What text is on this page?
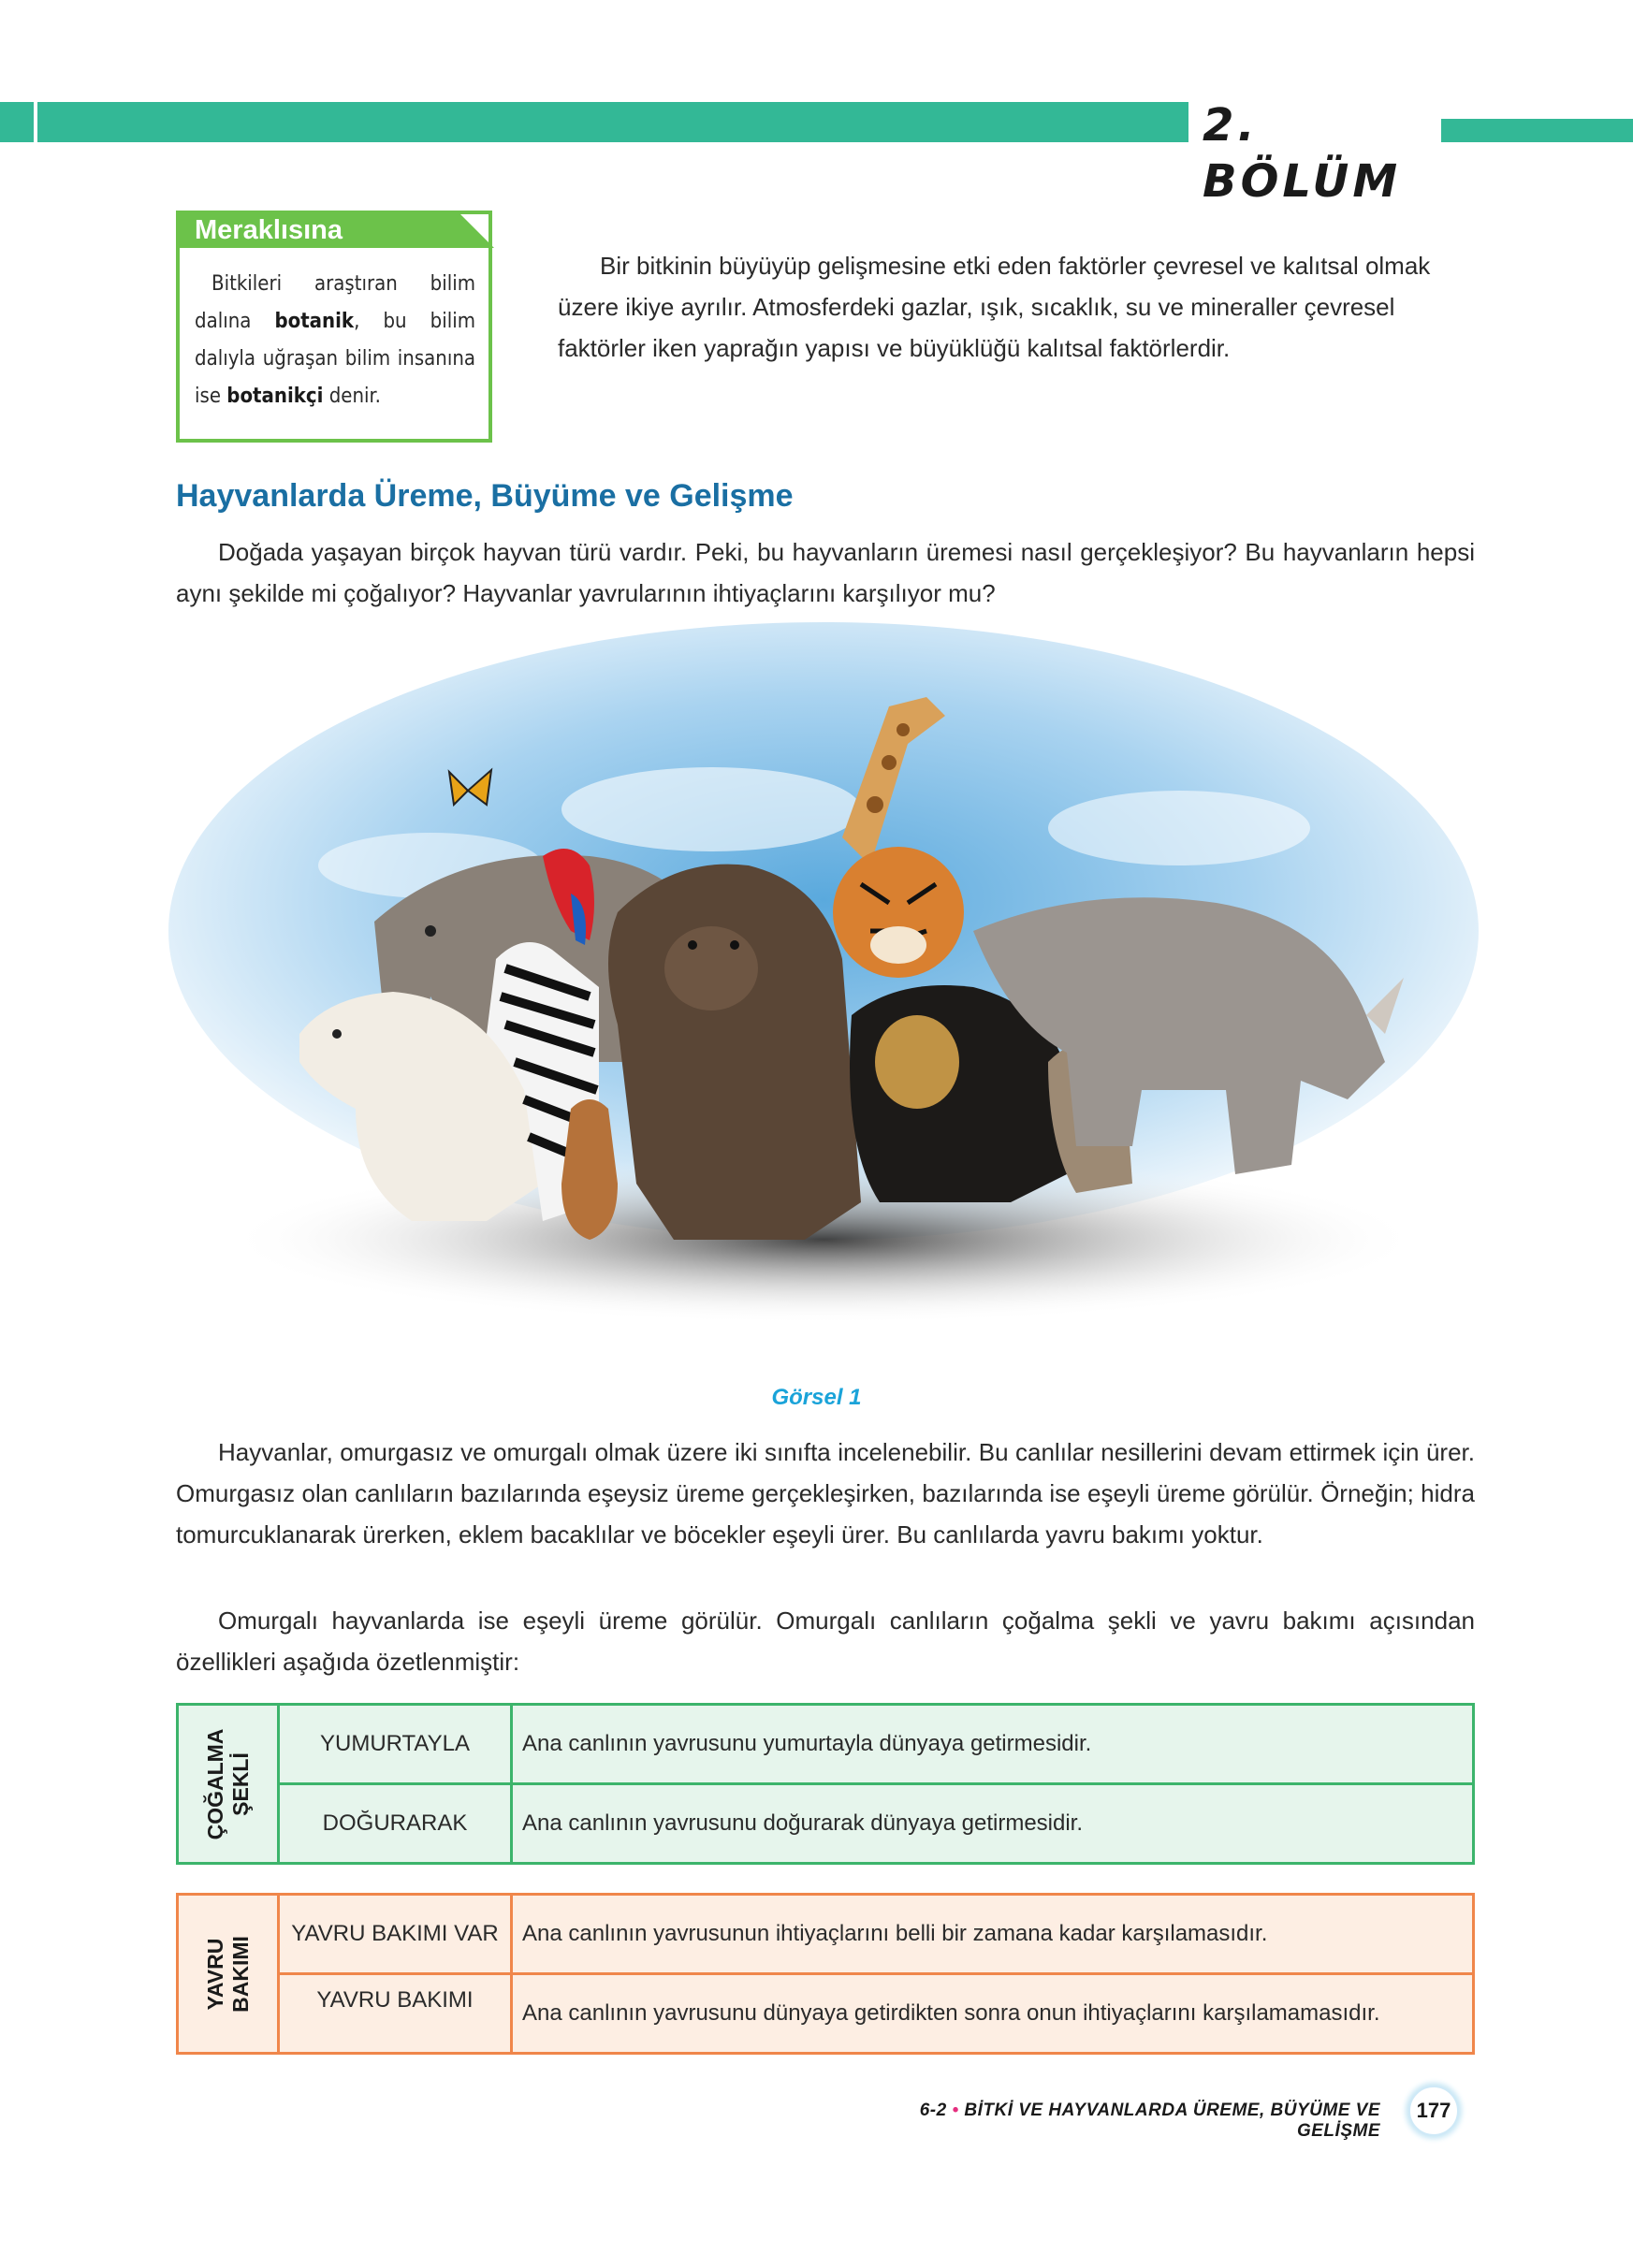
2. BÖLÜM
Meraklısına
Bitkileri araştıran bilim dalına botanik, bu bilim dalıyla uğraşan bilim insanına ise botanikçi denir.
Bir bitkinin büyüyüp gelişmesine etki eden faktörler çevresel ve kalıtsal olmak üzere ikiye ayrılır. Atmosferdeki gazlar, ışık, sıcaklık, su ve mineraller çevresel faktörler iken yaprağın yapısı ve büyüklüğü kalıtsal faktörlerdir.
Hayvanlarda Üreme, Büyüme ve Gelişme
Doğada yaşayan birçok hayvan türü vardır. Peki, bu hayvanların üremesi nasıl gerçekleşiyor? Bu hayvanların hepsi aynı şekilde mi çoğalıyor? Hayvanlar yavrularının ihtiyaçlarını karşılıyor mu?
Görsel 1
Hayvanlar, omurgasız ve omurgalı olmak üzere iki sınıfta incelenebilir. Bu canlılar nesillerini devam ettirmek için ürer. Omurgasız olan canlıların bazılarında eşeysiz üreme gerçekleşirken, bazılarında ise eşeyli üreme görülür. Örneğin; hidra tomurcuklanarak ürerken, eklem bacaklılar ve böcekler eşeyli ürer. Bu canlılarda yavru bakımı yoktur.
Omurgalı hayvanlarda ise eşeyli üreme görülür. Omurgalı canlıların çoğalma şekli ve yavru bakımı açısından özellikleri aşağıda özetlenmiştir:
ÇOĞALMA
ŞEKLİ	YUMURTAYLA	Ana canlının yavrusunu yumurtayla dünyaya getirmesidir.
	DOĞURARAK	Ana canlının yavrusunu doğurarak dünyaya getirmesidir.
YAVRU
BAKIMI	YAVRU BAKIMI VAR	Ana canlının yavrusunun ihtiyaçlarını belli bir zamana kadar karşılamasıdır.
	YAVRU BAKIMI	Ana canlının yavrusunu dünyaya getirdikten sonra onun ihtiyaçlarını karşılamamasıdır.
6-2 • BİTKİ VE HAYVANLARDA ÜREME, BÜYÜME VE GELİŞME
177
